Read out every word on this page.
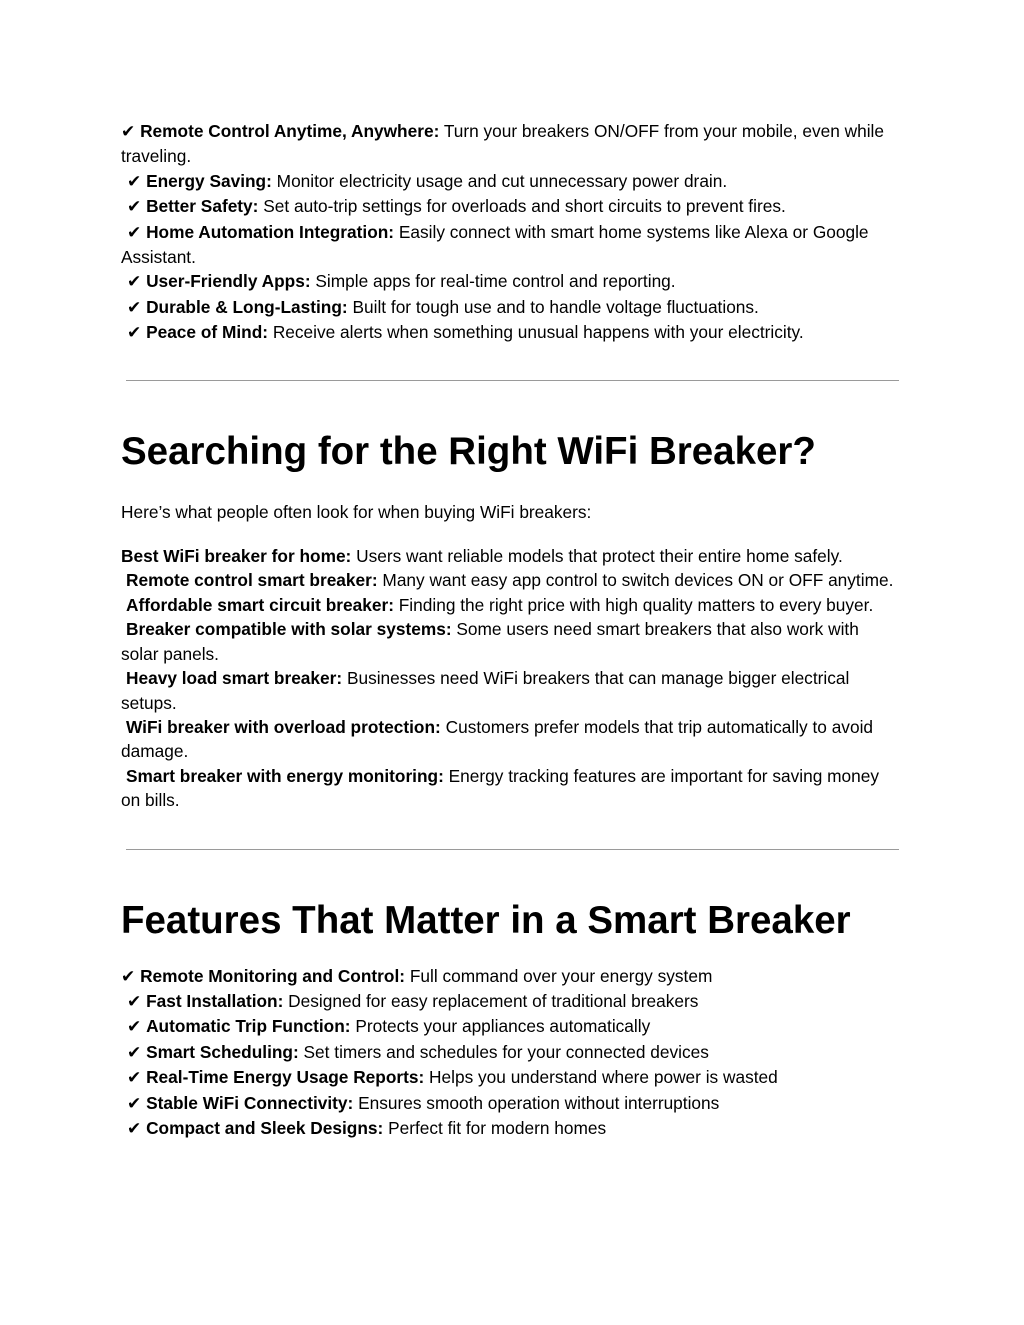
✔ Remote Control Anytime, Anywhere: Turn your breakers ON/OFF from your mobile, even while traveling.

✔ Energy Saving: Monitor electricity usage and cut unnecessary power drain.

✔ Better Safety: Set auto-trip settings for overloads and short circuits to prevent fires.

✔ Home Automation Integration: Easily connect with smart home systems like Alexa or Google Assistant.

✔ User-Friendly Apps: Simple apps for real-time control and reporting.

✔ Durable & Long-Lasting: Built for tough use and to handle voltage fluctuations.

✔ Peace of Mind: Receive alerts when something unusual happens with your electricity.

Searching for the Right WiFi Breaker?

Here’s what people often look for when buying WiFi breakers:

Best WiFi breaker for home: Users want reliable models that protect their entire home safely.

Remote control smart breaker: Many want easy app control to switch devices ON or OFF anytime.

Affordable smart circuit breaker: Finding the right price with high quality matters to every buyer.

Breaker compatible with solar systems: Some users need smart breakers that also work with solar panels.

Heavy load smart breaker: Businesses need WiFi breakers that can manage bigger electrical setups.

WiFi breaker with overload protection: Customers prefer models that trip automatically to avoid damage.

Smart breaker with energy monitoring: Energy tracking features are important for saving money on bills.

Features That Matter in a Smart Breaker

✔ Remote Monitoring and Control: Full command over your energy system

✔ Fast Installation: Designed for easy replacement of traditional breakers

✔ Automatic Trip Function: Protects your appliances automatically

✔ Smart Scheduling: Set timers and schedules for your connected devices

✔ Real-Time Energy Usage Reports: Helps you understand where power is wasted

✔ Stable WiFi Connectivity: Ensures smooth operation without interruptions

✔ Compact and Sleek Designs: Perfect fit for modern homes
